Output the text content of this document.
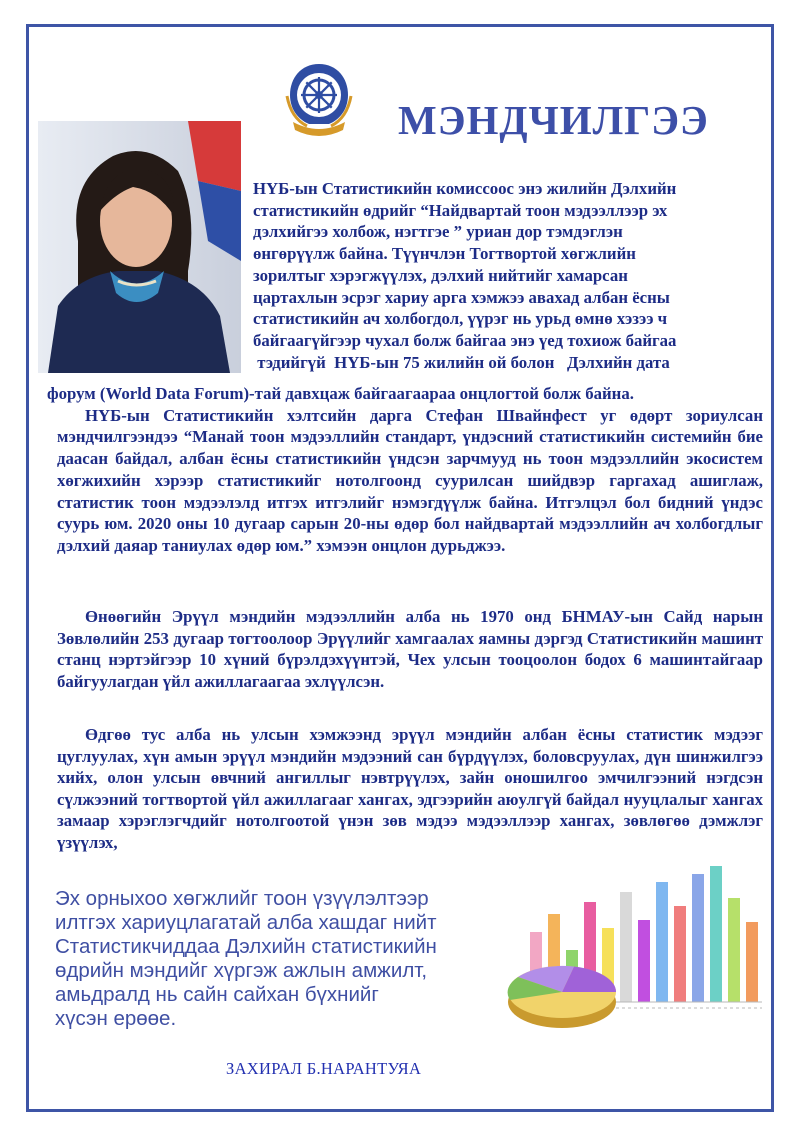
МЭНДЧИЛГЭЭ
НҮБ-ын Статистикийн комиссоос энэ жилийн Дэлхийн
статистикийн өдрийг “Найдвартай тоон мэдээллээр эх
дэлхийгээ холбож, нэгтгэе ” уриан дор тэмдэглэн
өнгөрүүлж байна. Түүнчлэн Тогтвортой хөгжлийн
зорилтыг хэрэгжүүлэх, дэлхий нийтийг хамарсан
цартахлын эсрэг хариу арга хэмжээ авахад албан ёсны
статистикийн ач холбогдол, үүрэг нь урьд өмнө хэзээ ч
байгаагүйгээр чухал болж байгаа энэ үед тохиож байгаа
тэдийгүй  НҮБ-ын 75 жилийн ой болон   Дэлхийн дата
форум (World Data Forum)-тай давхцаж байгаагаараа онцлогтой болж байна.
НҮБ-ын Статистикийн хэлтсийн дарга Стефан Швайнфест уг өдөрт зориулсан мэндчилгээндээ “Манай тоон мэдээллийн стандарт, үндэсний статистикийн системийн бие даасан байдал, албан ёсны статистикийн үндсэн зарчмууд нь тоон мэдээллийн экосистем хөгжихийн хэрээр статистикийг нотолгоонд суурилсан шийдвэр гаргахад ашиглаж, статистик тоон мэдээлэлд итгэх итгэлийг нэмэгдүүлж байна. Итгэлцэл бол бидний үндэс суурь юм. 2020 оны 10 дугаар сарын 20-ны өдөр бол найдвартай мэдээллийн ач холбогдлыг дэлхий даяар таниулах өдөр юм.” хэмээн онцлон дурьджээ.
Өнөөгийн Эрүүл мэндийн мэдээллийн алба нь 1970 онд БНМАУ-ын Сайд нарын Зөвлөлийн 253 дугаар тогтоолоор Эрүүлийг хамгаалах яамны дэргэд Статистикийн машинт станц нэртэйгээр 10 хүний бүрэлдэхүүнтэй, Чех улсын тооцоолон бодох 6 машинтайгаар байгуулагдан үйл ажиллагаагаа эхлүүлсэн.
Өдгөө тус алба нь улсын хэмжээнд эрүүл мэндийн албан ёсны статистик мэдээг цуглуулах, хүн амын эрүүл мэндийн мэдээний сан бүрдүүлэх, боловсруулах, дүн шинжилгээ хийх, олон улсын өвчний ангиллыг нэвтрүүлэх, зайн оношилгоо эмчилгээний нэгдсэн сүлжээний тогтвортой үйл ажиллагааг хангах, эдгээрийн аюулгүй байдал нууцлалыг хангах замаар хэрэглэгчдийг нотолгоотой үнэн зөв мэдээ мэдээллээр хангах, зөвлөгөө дэмжлэг үзүүлэх,
Эх орныхоо хөгжлийг тоон үзүүлэлтээр
илтгэх хариуцлагатай алба хашдаг нийт
Статистикчиддаа Дэлхийн статистикийн
өдрийн мэндийг хүргэж ажлын амжилт,
амьдралд нь сайн сайхан бүхнийг
хүсэн ерөөе.
ЗАХИРАЛ Б.НАРАНТУЯА
